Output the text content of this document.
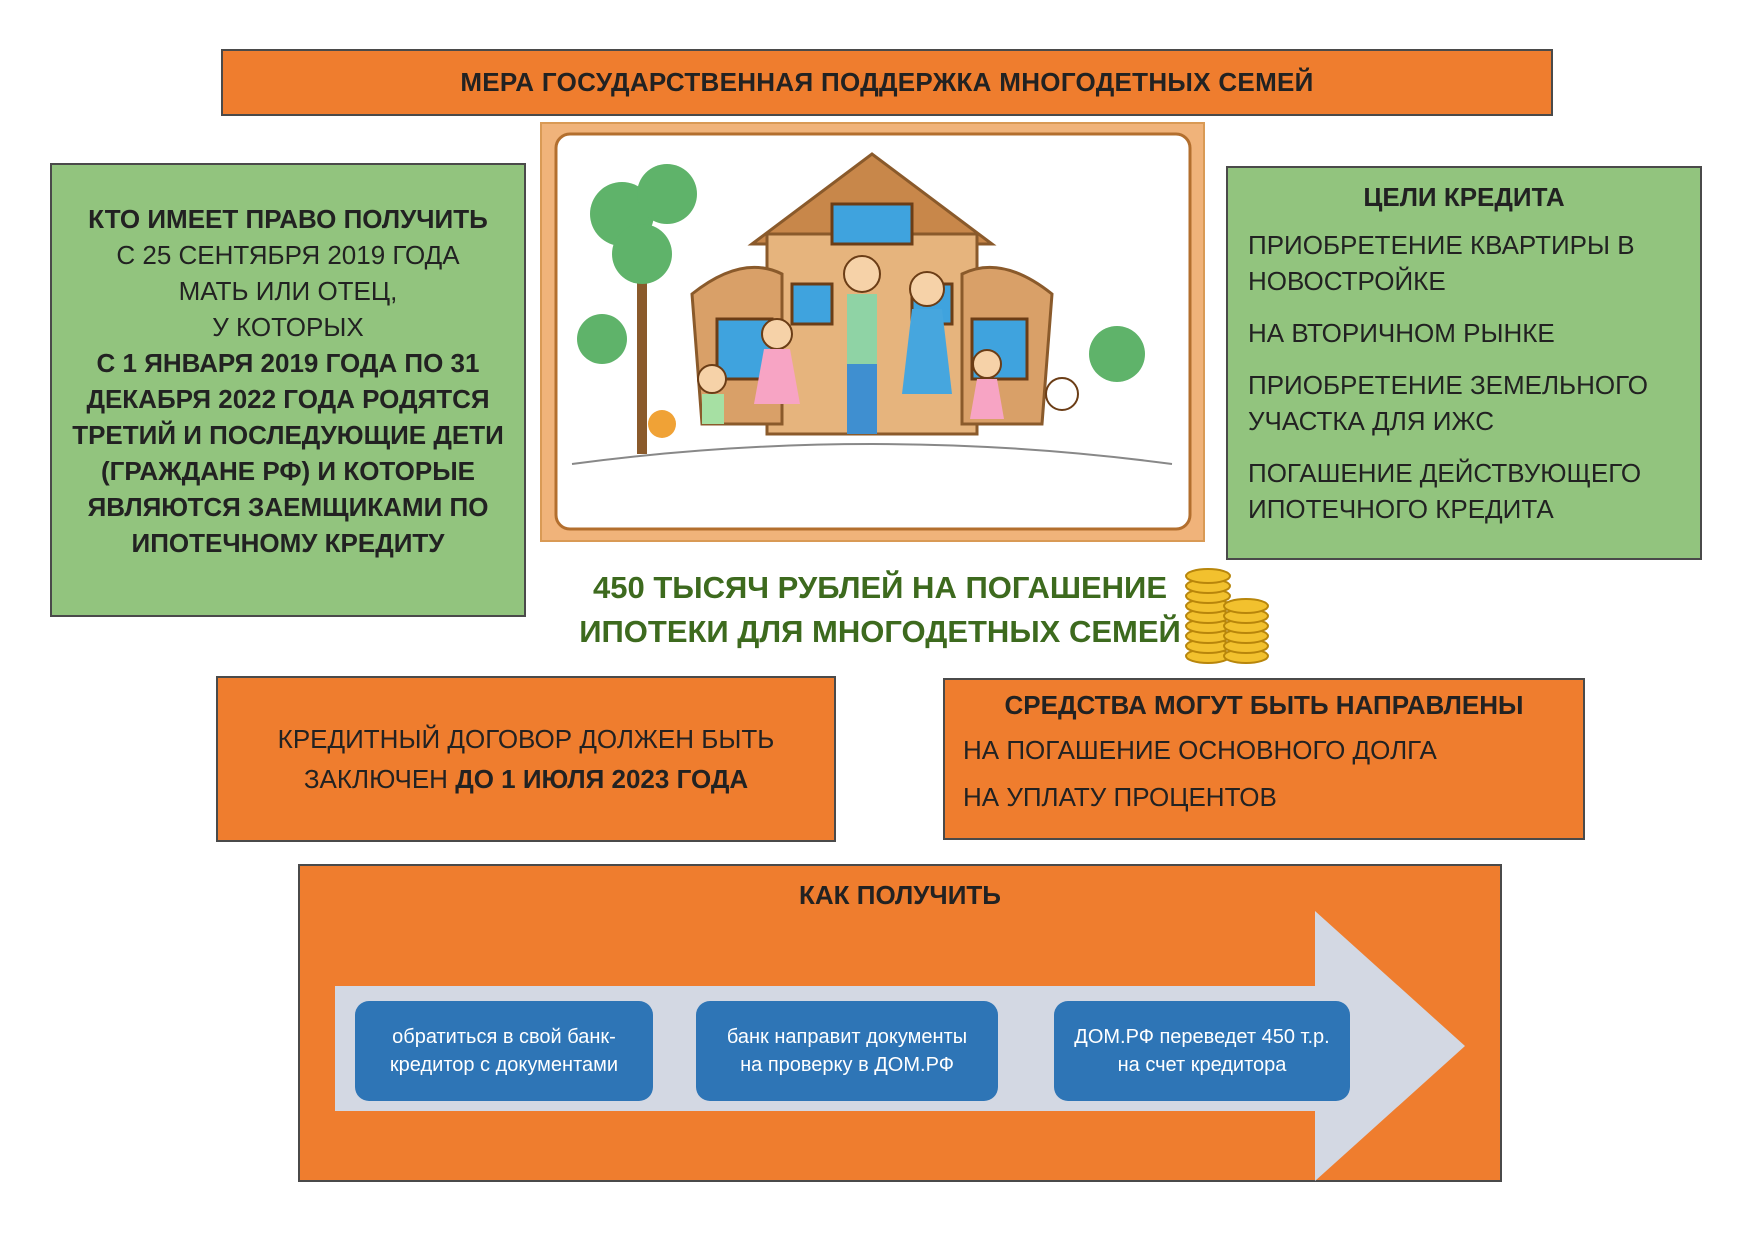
МЕРА ГОСУДАРСТВЕННАЯ ПОДДЕРЖКА МНОГОДЕТНЫХ СЕМЕЙ
КТО ИМЕЕТ ПРАВО ПОЛУЧИТЬ
С 25 СЕНТЯБРЯ 2019 ГОДА
МАТЬ ИЛИ ОТЕЦ,
У КОТОРЫХ
С 1 ЯНВАРЯ 2019 ГОДА ПО 31 ДЕКАБРЯ 2022 ГОДА РОДЯТСЯ ТРЕТИЙ И ПОСЛЕДУЮЩИЕ ДЕТИ (ГРАЖДАНЕ РФ) И КОТОРЫЕ ЯВЛЯЮТСЯ ЗАЕМЩИКАМИ ПО ИПОТЕЧНОМУ КРЕДИТУ
ЦЕЛИ КРЕДИТА
ПРИОБРЕТЕНИЕ КВАРТИРЫ В НОВОСТРОЙКЕ
НА ВТОРИЧНОМ РЫНКЕ
ПРИОБРЕТЕНИЕ ЗЕМЕЛЬНОГО УЧАСТКА ДЛЯ ИЖС
ПОГАШЕНИЕ ДЕЙСТВУЮЩЕГО ИПОТЕЧНОГО КРЕДИТА
450 ТЫСЯЧ РУБЛЕЙ НА ПОГАШЕНИЕ
ИПОТЕКИ ДЛЯ МНОГОДЕТНЫХ СЕМЕЙ
КРЕДИТНЫЙ ДОГОВОР ДОЛЖЕН БЫТЬ ЗАКЛЮЧЕН ДО 1 ИЮЛЯ 2023 ГОДА
СРЕДСТВА МОГУТ БЫТЬ НАПРАВЛЕНЫ
НА ПОГАШЕНИЕ ОСНОВНОГО ДОЛГА
НА УПЛАТУ ПРОЦЕНТОВ
КАК ПОЛУЧИТЬ
обратиться в свой банк-кредитор с документами
банк направит документы на проверку в ДОМ.РФ
ДОМ.РФ переведет 450 т.р. на счет кредитора
